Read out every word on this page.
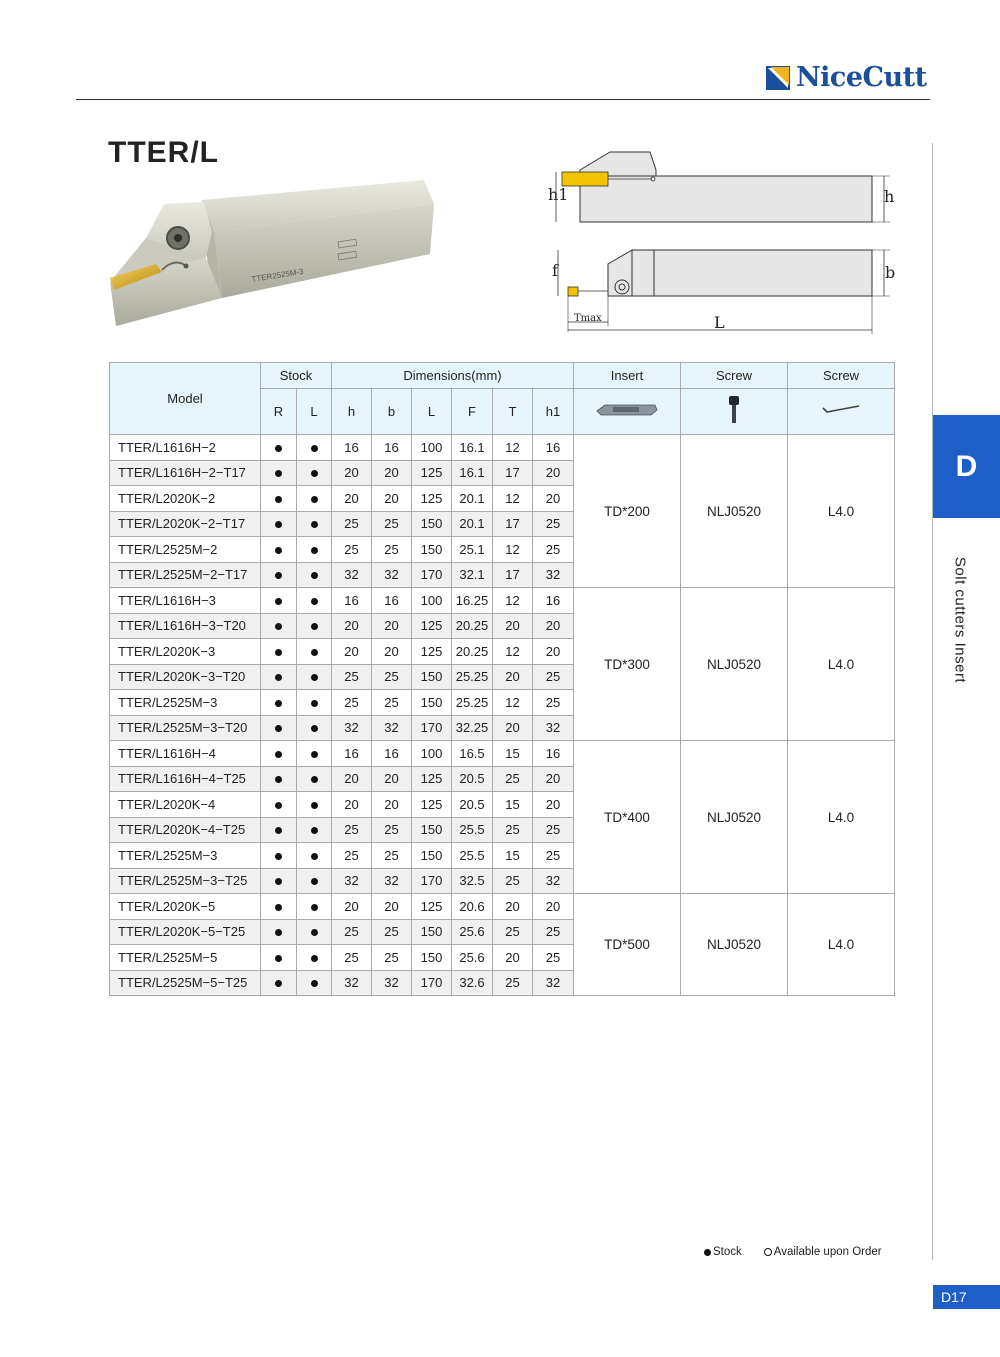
NiceCutt
TTER/L
TTER2525M-3
h1	h
f	b
Tmax	L
D
Solt cutters Insert
D17
Model	Stock		Dimensions(mm)						Insert	Screw	Screw
	R	L	h	b	L	F	T	h1			
TTER/L1616H−2			16	16	100	16.1	12	16	TD*200	NLJ0520	L4.0
TTER/L1616H−2−T17			20	20	125	16.1	17	20			
TTER/L2020K−2			20	20	125	20.1	12	20			
TTER/L2020K−2−T17			25	25	150	20.1	17	25			
TTER/L2525M−2			25	25	150	25.1	12	25			
TTER/L2525M−2−T17			32	32	170	32.1	17	32			
TTER/L1616H−3			16	16	100	16.25	12	16	TD*300	NLJ0520	L4.0
TTER/L1616H−3−T20			20	20	125	20.25	20	20			
TTER/L2020K−3			20	20	125	20.25	12	20			
TTER/L2020K−3−T20			25	25	150	25.25	20	25			
TTER/L2525M−3			25	25	150	25.25	12	25			
TTER/L2525M−3−T20			32	32	170	32.25	20	32			
TTER/L1616H−4			16	16	100	16.5	15	16	TD*400	NLJ0520	L4.0
TTER/L1616H−4−T25			20	20	125	20.5	25	20			
TTER/L2020K−4			20	20	125	20.5	15	20			
TTER/L2020K−4−T25			25	25	150	25.5	25	25			
TTER/L2525M−3			25	25	150	25.5	15	25			
TTER/L2525M−3−T25			32	32	170	32.5	25	32			
TTER/L2020K−5			20	20	125	20.6	20	20	TD*500	NLJ0520	L4.0
TTER/L2020K−5−T25			25	25	150	25.6	25	25			
TTER/L2525M−5			25	25	150	25.6	20	25			
TTER/L2525M−5−T25			32	32	170	32.6	25	32			
Stock	Available upon Order
